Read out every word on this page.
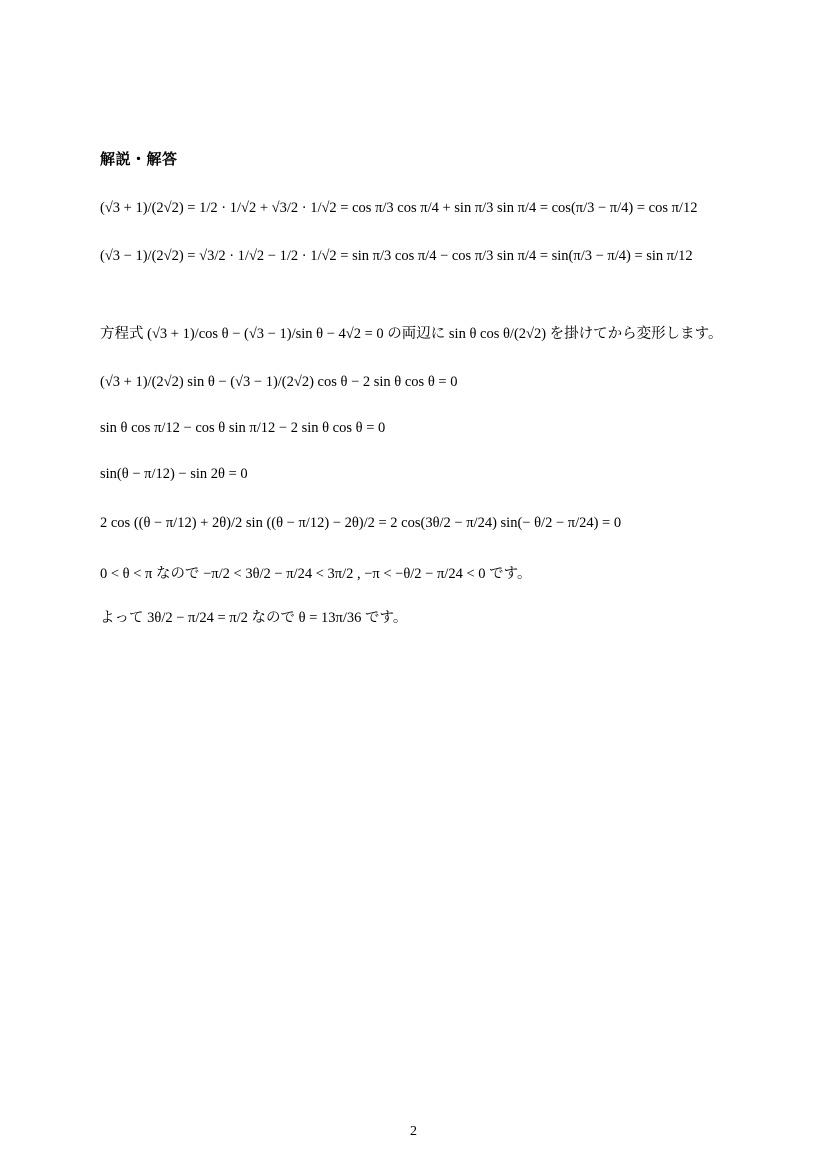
解説・解答
(√3 + 1)/(2√2) = 1/2 · 1/√2 + √3/2 · 1/√2 = cos π/3 cos π/4 + sin π/3 sin π/4 = cos(π/3 − π/4) = cos π/12
(√3 − 1)/(2√2) = √3/2 · 1/√2 − 1/2 · 1/√2 = sin π/3 cos π/4 − cos π/3 sin π/4 = sin(π/3 − π/4) = sin π/12
方程式 (√3 + 1)/cos θ − (√3 − 1)/sin θ − 4√2 = 0 の両辺に sin θ cos θ/(2√2) を掛けてから変形します。
(√3 + 1)/(2√2) sin θ − (√3 − 1)/(2√2) cos θ − 2 sin θ cos θ = 0
sin θ cos π/12 − cos θ sin π/12 − 2 sin θ cos θ = 0
sin(θ − π/12) − sin 2θ = 0
2 cos ((θ − π/12) + 2θ)/2 sin ((θ − π/12) − 2θ)/2 = 2 cos(3θ/2 − π/24) sin(− θ/2 − π/24) = 0
0 < θ < π なので −π/2 < 3θ/2 − π/24 < 3π/2 , −π < −θ/2 − π/24 < 0 です。
よって 3θ/2 − π/24 = π/2 なので θ = 13π/36 です。
2
